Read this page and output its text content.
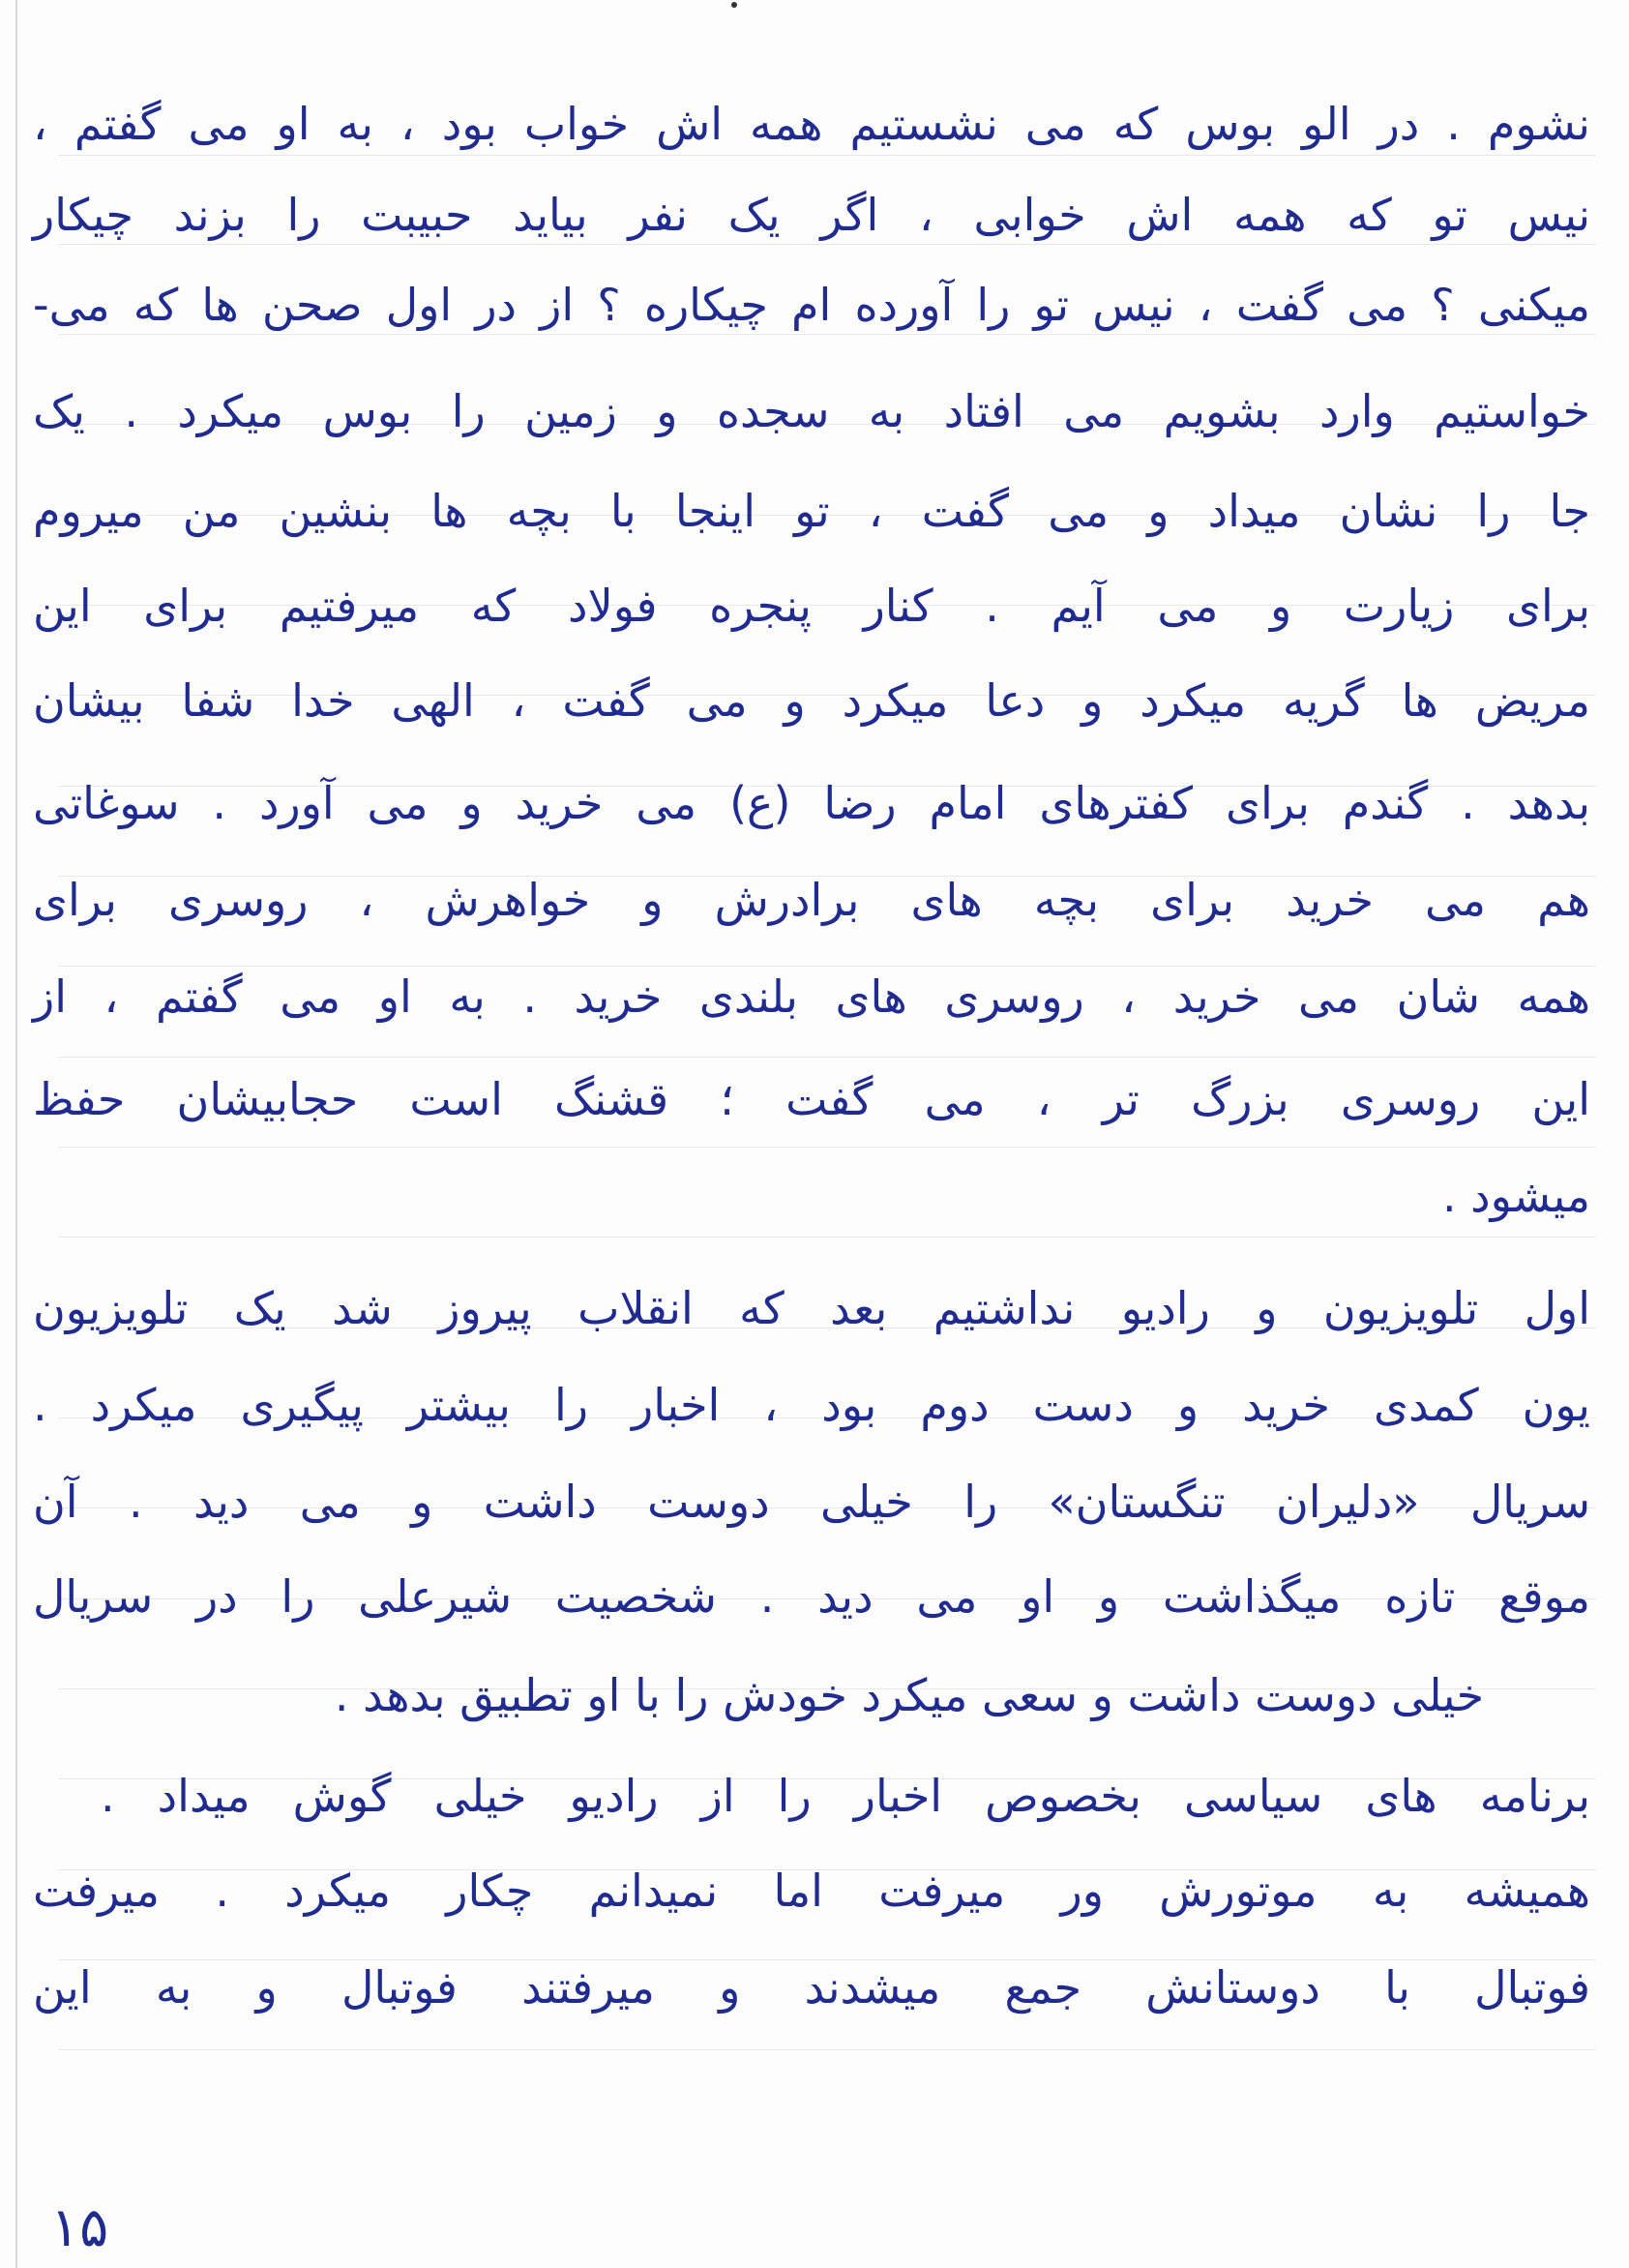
نشوم . در الو بوس که می نشستیم همه اش خواب بود ، به او می گفتم ،
نیس تو که همه اش خوابی ، اگر یک نفر بیاید حبیبت را بزند چیکار
میکنی ؟ می گفت ، نیس تو را آورده ام چیکاره ؟ از در اول صحن ها که می-
خواستیم وارد بشویم می افتاد به سجده و زمین را بوس میکرد . یک
جا را نشان میداد و می گفت ، تو اینجا با بچه ها بنشین من میروم
برای زیارت و می آیم . کنار پنجره فولاد که میرفتیم برای این
مریض ها گریه میکرد و دعا میکرد و می گفت ، الهی خدا شفا بیشان
بدهد . گندم برای کفترهای امام رضا (ع) می خرید و می آورد . سوغاتی
هم می خرید برای بچه های برادرش و خواهرش ، روسری برای
همه شان می خرید ، روسری های بلندی خرید . به او می گفتم ، از
این روسری بزرگ تر ، می گفت ؛ قشنگ است حجابیشان حفظ
میشود .
اول تلویزیون و رادیو نداشتیم بعد که انقلاب پیروز شد یک تلویزیون
یون کمدی خرید و دست دوم بود ، اخبار را بیشتر پیگیری میکرد .
سریال «دلیران تنگستان» را خیلی دوست داشت و می دید . آن
موقع تازه میگذاشت و او می دید . شخصیت شیرعلی را در سریال
خیلی دوست داشت و سعی میکرد خودش را با او تطبیق بدهد .
برنامه های سیاسی بخصوص اخبار را از رادیو خیلی گوش میداد .
همیشه به موتورش ور میرفت اما نمیدانم چکار میکرد . میرفت
فوتبال با دوستانش جمع میشدند و میرفتند فوتبال و به این
۱۵
